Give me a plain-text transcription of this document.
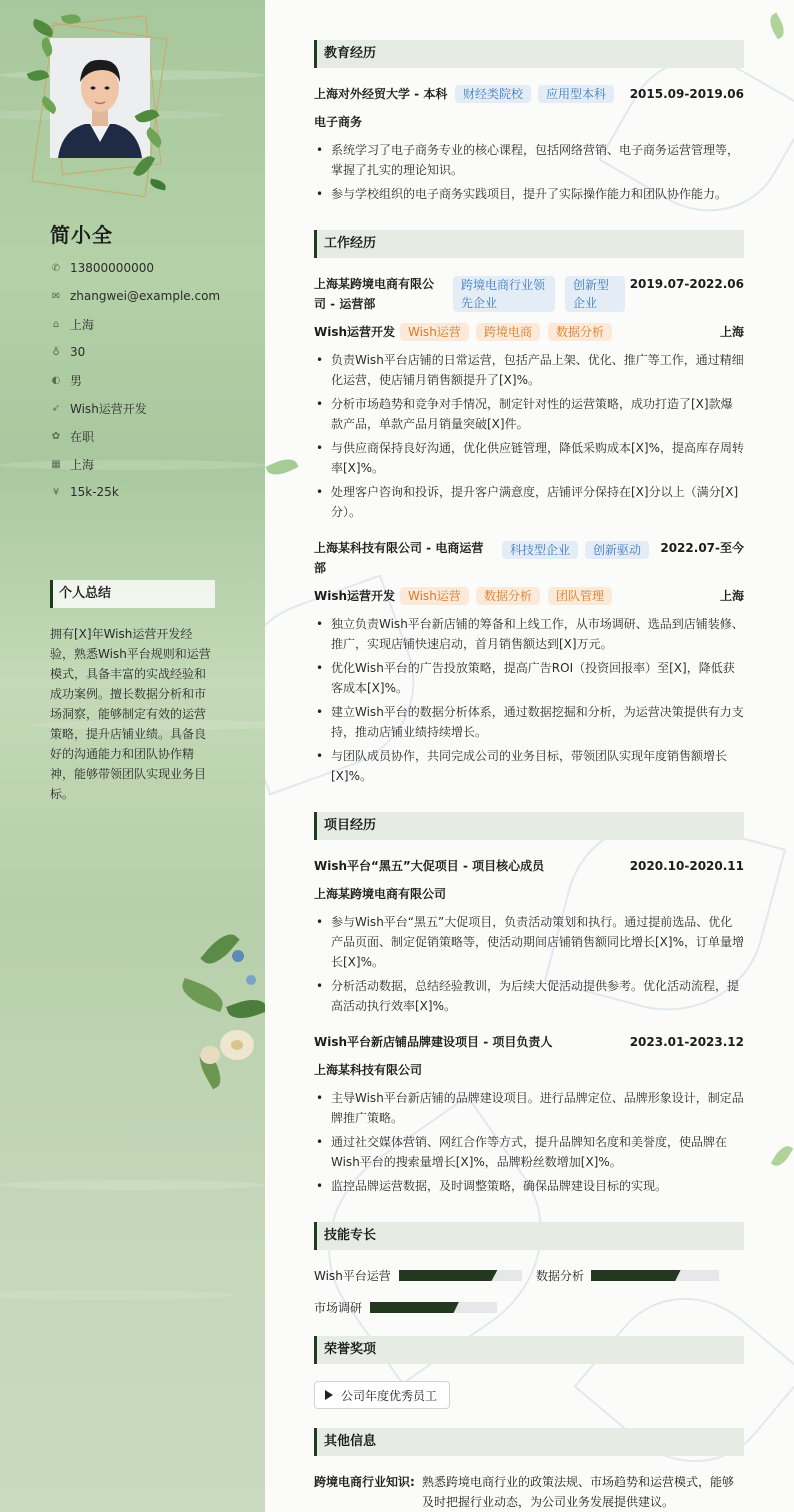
简小全
✆ 13800000000
✉ zhangwei@example.com
⌂ 上海
♁ 30
◐ 男
➶ Wish运营开发
✿ 在职
▦ 上海
¥ 15k-25k
个人总结
拥有[X]年Wish运营开发经验，熟悉Wish平台规则和运营模式，具备丰富的实战经验和成功案例。擅长数据分析和市场洞察，能够制定有效的运营策略，提升店铺业绩。具备良好的沟通能力和团队协作精神，能够带领团队实现业务目标。
教育经历
上海对外经贸大学 - 本科	财经类院校	应用型本科	2015.09-2019.06
电子商务
• 系统学习了电子商务专业的核心课程，包括网络营销、电子商务运营管理等，掌握了扎实的理论知识。
• 参与学校组织的电子商务实践项目，提升了实际操作能力和团队协作能力。
工作经历
上海某跨境电商有限公司 - 运营部
跨境电商行业领先企业
创新型企业
2019.07-2022.06
Wish运营开发	Wish运营	跨境电商	数据分析	上海
• 负责Wish平台店铺的日常运营，包括产品上架、优化、推广等工作，通过精细化运营，使店铺月销售额提升了[X]%。
• 分析市场趋势和竞争对手情况，制定针对性的运营策略，成功打造了[X]款爆款产品，单款产品月销量突破[X]件。
• 与供应商保持良好沟通，优化供应链管理，降低采购成本[X]%，提高库存周转率[X]%。
• 处理客户咨询和投诉，提升客户满意度，店铺评分保持在[X]分以上（满分[X]分）。
上海某科技有限公司 - 电商运营部
科技型企业	创新驱动	2022.07-至今
Wish运营开发	Wish运营	数据分析	团队管理	上海
• 独立负责Wish平台新店铺的筹备和上线工作，从市场调研、选品到店铺装修、推广，实现店铺快速启动，首月销售额达到[X]万元。
• 优化Wish平台的广告投放策略，提高广告ROI（投资回报率）至[X]，降低获客成本[X]%。
• 建立Wish平台的数据分析体系，通过数据挖掘和分析，为运营决策提供有力支持，推动店铺业绩持续增长。
• 与团队成员协作，共同完成公司的业务目标，带领团队实现年度销售额增长[X]%。
项目经历
Wish平台“黑五”大促项目 - 项目核心成员	2020.10-2020.11
上海某跨境电商有限公司
• 参与Wish平台“黑五”大促项目，负责活动策划和执行。通过提前选品、优化产品页面、制定促销策略等，使活动期间店铺销售额同比增长[X]%，订单量增长[X]%。
• 分析活动数据，总结经验教训，为后续大促活动提供参考。优化活动流程，提高活动执行效率[X]%。
Wish平台新店铺品牌建设项目 - 项目负责人	2023.01-2023.12
上海某科技有限公司
• 主导Wish平台新店铺的品牌建设项目。进行品牌定位、品牌形象设计，制定品牌推广策略。
• 通过社交媒体营销、网红合作等方式，提升品牌知名度和美誉度，使品牌在Wish平台的搜索量增长[X]%，品牌粉丝数增加[X]%。
• 监控品牌运营数据，及时调整策略，确保品牌建设目标的实现。
技能专长
Wish平台运营	数据分析
市场调研
荣誉奖项
公司年度优秀员工
其他信息
跨境电商行业知识: 熟悉跨境电商行业的政策法规、市场趋势和运营模式，能够及时把握行业动态，为公司业务发展提供建议。
